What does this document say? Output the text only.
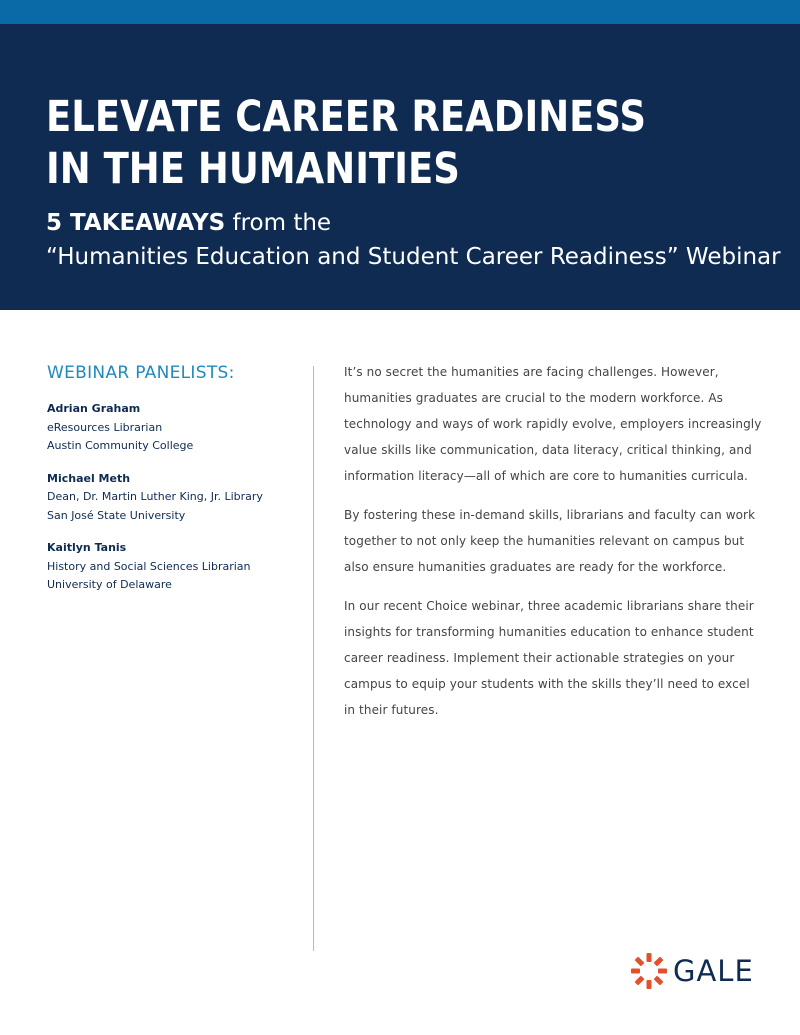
ELEVATE CAREER READINESS
IN THE HUMANITIES
5 TAKEAWAYS from the
“Humanities Education and Student Career Readiness” Webinar
WEBINAR PANELISTS:
Adrian Graham
eResources Librarian
Austin Community College
Michael Meth
Dean, Dr. Martin Luther King, Jr. Library
San José State University
Kaitlyn Tanis
History and Social Sciences Librarian
University of Delaware

It’s no secret the humanities are facing challenges. However, humanities graduates are crucial to the modern workforce. As technology and ways of work rapidly evolve, employers increasingly value skills like communication, data literacy, critical thinking, and information literacy—all of which are core to humanities curricula.

By fostering these in-demand skills, librarians and faculty can work together to not only keep the humanities relevant on campus but also ensure humanities graduates are ready for the workforce.

In our recent Choice webinar, three academic librarians share their insights for transforming humanities education to enhance student career readiness. Implement their actionable strategies on your campus to equip your students with the skills they’ll need to excel in their futures.

GALE
